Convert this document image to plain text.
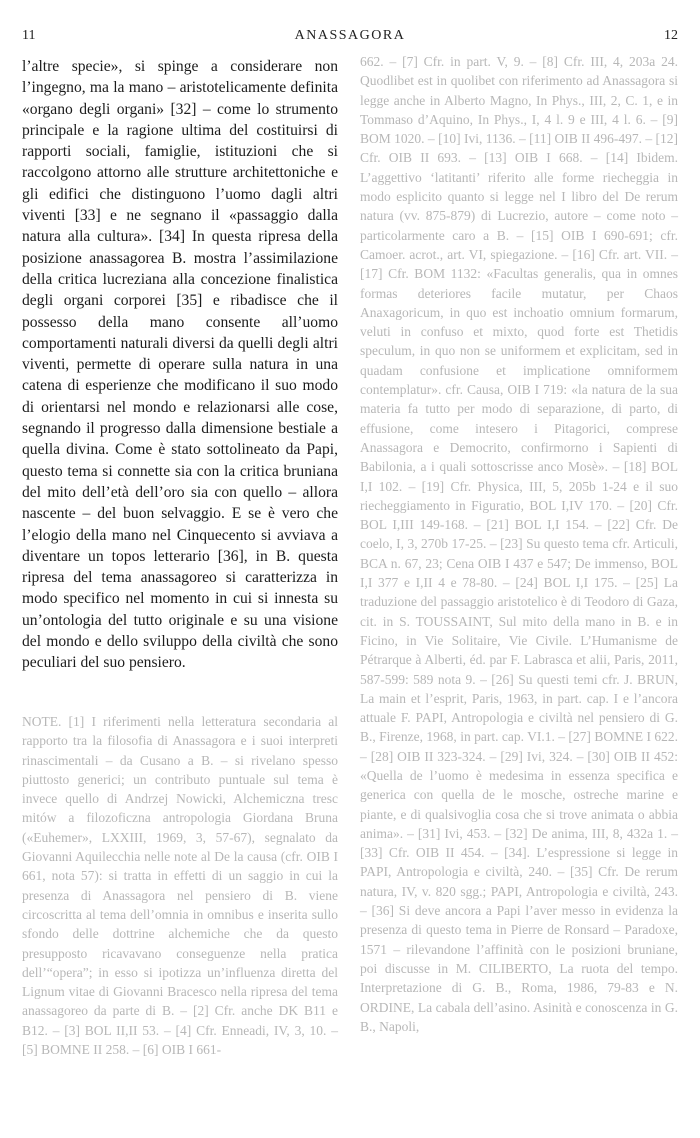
11	ANASSAGORA	12

l’altre specie», si spinge a considerare non l’ingegno, ma la mano – aristotelicamente definita «organo degli organi» [32] – come lo strumento principale e la ragione ultima del costituirsi di rapporti sociali, famiglie, istituzioni che si raccolgono attorno alle strutture architettoniche e gli edifici che distinguono l’uomo dagli altri viventi [33] e ne segnano il «passaggio dalla natura alla cultura». [34] In questa ripresa della posizione anassagorea B. mostra l’assimilazione della critica lucreziana alla concezione finalistica degli organi corporei [35] e ribadisce che il possesso della mano consente all’uomo comportamenti naturali diversi da quelli degli altri viventi, permette di operare sulla natura in una catena di esperienze che modificano il suo modo di orientarsi nel mondo e relazionarsi alle cose, segnando il progresso dalla dimensione bestiale a quella divina. Come è stato sottolineato da Papi, questo tema si connette sia con la critica bruniana del mito dell’età dell’oro sia con quello – allora nascente – del buon selvaggio. E se è vero che l’elogio della mano nel Cinquecento si avviava a diventare un topos letterario [36], in B. questa ripresa del tema anassagoreo si caratterizza in modo specifico nel momento in cui si innesta su un’ontologia del tutto originale e su una visione del mondo e dello sviluppo della civiltà che sono peculiari del suo pensiero.

NOTE. [1] I riferimenti nella letteratura secondaria al rapporto tra la filosofia di Anassagora e i suoi interpreti rinascimentali – da Cusano a B. – si rivelano spesso piuttosto generici; un contributo puntuale sul tema è invece quello di Andrzej Nowicki, Alchemiczna tresc mitów a filozoficzna antropologia Giordana Bruna («Euhemer», LXXIII, 1969, 3, 57-67), segnalato da Giovanni Aquilecchia nelle note al De la causa (cfr. OIB I 661, nota 57): si tratta in effetti di un saggio in cui la presenza di Anassagora nel pensiero di B. viene circoscritta al tema dell’omnia in omnibus e inserita sullo sfondo delle dottrine alchemiche che da questo presupposto ricavavano conseguenze nella pratica dell’“opera”; in esso si ipotizza un’influenza diretta del Lignum vitae di Giovanni Bracesco nella ripresa del tema anassagoreo da parte di B. – [2] Cfr. anche DK B11 e B12. – [3] BOL II,II 53. – [4] Cfr. Enneadi, IV, 3, 10. – [5] BOMNE II 258. – [6] OIB I 661-

662. – [7] Cfr. in part. V, 9. – [8] Cfr. III, 4, 203a 24. Quodlibet est in quolibet con riferimento ad Anassagora si legge anche in Alberto Magno, In Phys., III, 2, C. 1, e in Tommaso d’Aquino, In Phys., I, 4 l. 9 e III, 4 l. 6. – [9] BOM 1020. – [10] Ivi, 1136. – [11] OIB II 496-497. – [12] Cfr. OIB II 693. – [13] OIB I 668. – [14] Ibidem. L’aggettivo ‘latitanti’ riferito alle forme riecheggia in modo esplicito quanto si legge nel I libro del De rerum natura (vv. 875-879) di Lucrezio, autore – come noto – particolarmente caro a B. – [15] OIB I 690-691; cfr. Camoer. acrot., art. VI, spiegazione. – [16] Cfr. art. VII. – [17] Cfr. BOM 1132: «Facultas generalis, qua in omnes formas deteriores facile mutatur, per Chaos Anaxagoricum, in quo est inchoatio omnium formarum, veluti in confuso et mixto, quod forte est Thetidis speculum, in quo non se uniformem et explicitam, sed in quadam confusione et implicatione omniformem contemplatur». cfr. Causa, OIB I 719: «la natura de la sua materia fa tutto per modo di separazione, di parto, di effusione, come intesero i Pitagorici, comprese Anassagora e Democrito, confirmorno i Sapienti di Babilonia, a i quali sottoscrisse anco Mosè». – [18] BOL I,I 102. – [19] Cfr. Physica, III, 5, 205b 1-24 e il suo riecheggiamento in Figuratio, BOL I,IV 170. – [20] Cfr. BOL I,III 149-168. – [21] BOL I,I 154. – [22] Cfr. De coelo, I, 3, 270b 17-25. – [23] Su questo tema cfr. Articuli, BCA n. 67, 23; Cena OIB I 437 e 547; De immenso, BOL I,I 377 e I,II 4 e 78-80. – [24] BOL I,I 175. – [25] La traduzione del passaggio aristotelico è di Teodoro di Gaza, cit. in S. TOUSSAINT, Sul mito della mano in B. e in Ficino, in Vie Solitaire, Vie Civile. L’Humanisme de Pétrarque à Alberti, éd. par F. Labrasca et alii, Paris, 2011, 587-599: 589 nota 9. – [26] Su questi temi cfr. J. BRUN, La main et l’esprit, Paris, 1963, in part. cap. I e l’ancora attuale F. PAPI, Antropologia e civiltà nel pensiero di G. B., Firenze, 1968, in part. cap. VI.1. – [27] BOMNE I 622. – [28] OIB II 323-324. – [29] Ivi, 324. – [30] OIB II 452: «Quella de l’uomo è medesima in essenza specifica e generica con quella de le mosche, ostreche marine e piante, e di qualsivoglia cosa che si trove animata o abbia anima». – [31] Ivi, 453. – [32] De anima, III, 8, 432a 1. – [33] Cfr. OIB II 454. – [34]. L’espressione si legge in PAPI, Antropologia e civiltà, 240. – [35] Cfr. De rerum natura, IV, v. 820 sgg.; PAPI, Antropologia e civiltà, 243. – [36] Si deve ancora a Papi l’aver messo in evidenza la presenza di questo tema in Pierre de Ronsard – Paradoxe, 1571 – rilevandone l’affinità con le posizioni bruniane, poi discusse in M. CILIBERTO, La ruota del tempo. Interpretazione di G. B., Roma, 1986, 79-83 e N. ORDINE, La cabala dell’asino. Asinità e conoscenza in G. B., Napoli,
